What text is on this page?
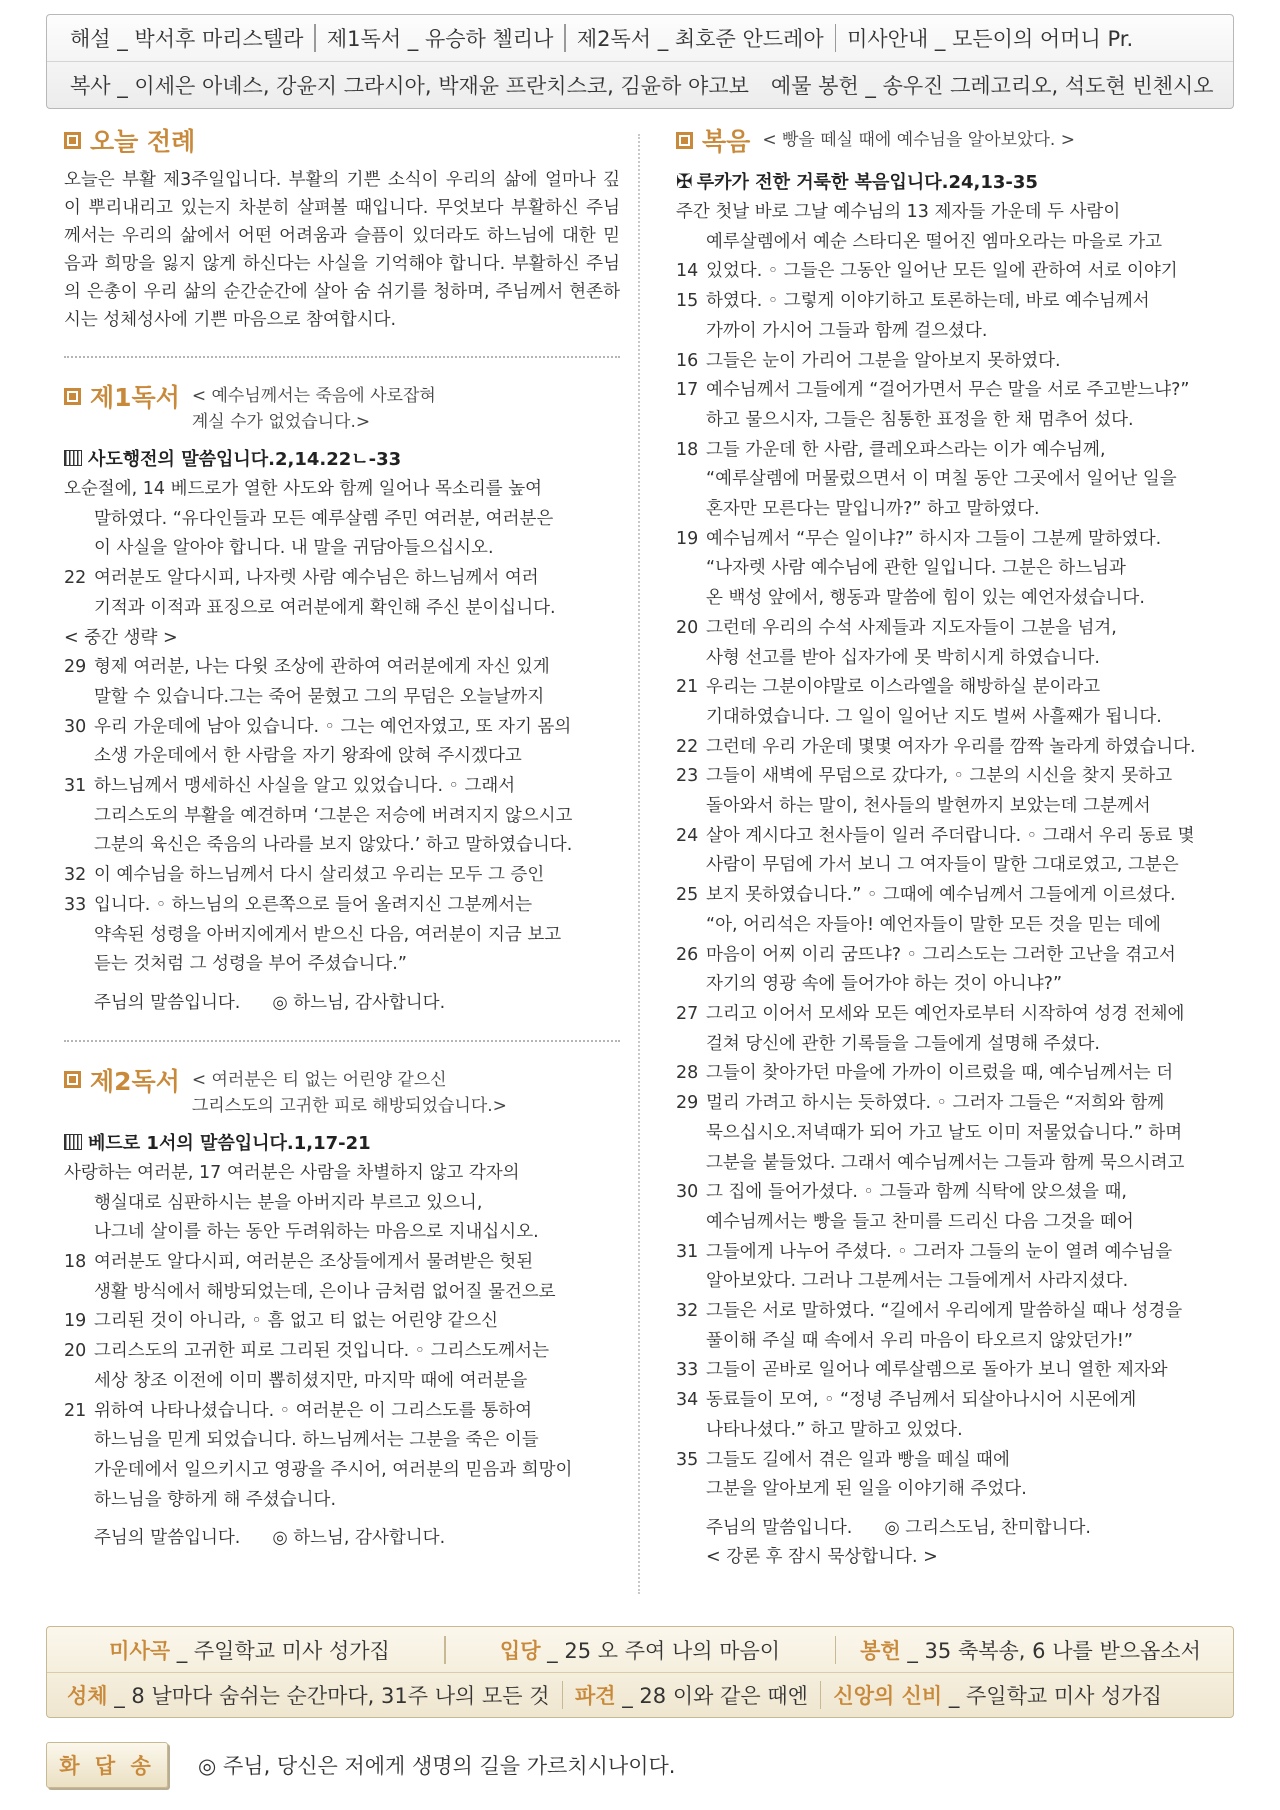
해설 _ 박서후 마리스텔라	제1독서 _ 유승하 첼리나	제2독서 _ 최호준 안드레아	미사안내 _ 모든이의 어머니 Pr.
복사 _ 이세은 아녜스, 강윤지 그라시아, 박재윤 프란치스코, 김윤하 야고보	예물 봉헌 _ 송우진 그레고리오, 석도현 빈첸시오
오늘 전례

오늘은 부활 제3주일입니다. 부활의 기쁜 소식이 우리의 삶에 얼마나 깊이 뿌리내리고 있는지 차분히 살펴볼 때입니다. 무엇보다 부활하신 주님께서는 우리의 삶에서 어떤 어려움과 슬픔이 있더라도 하느님에 대한 믿음과 희망을 잃지 않게 하신다는 사실을 기억해야 합니다. 부활하신 주님의 은총이 우리 삶의 순간순간에 살아 숨 쉬기를 청하며, 주님께서 현존하시는 성체성사에 기쁜 마음으로 참여합시다.

제1독서 < 예수님께서는 죽음에 사로잡혀
계실 수가 없었습니다.>
사도행전의 말씀입니다.2,14.22ㄴ-33
오순절에, 14 베드로가 열한 사도와 함께 일어나 목소리를 높여
말하였다. “유다인들과 모든 예루살렘 주민 여러분, 여러분은
이 사실을 알아야 합니다. 내 말을 귀담아들으십시오.
22 여러분도 알다시피, 나자렛 사람 예수님은 하느님께서 여러
기적과 이적과 표징으로 여러분에게 확인해 주신 분이십니다.
< 중간 생략 >
29 형제 여러분, 나는 다윗 조상에 관하여 여러분에게 자신 있게
말할 수 있습니다.그는 죽어 묻혔고 그의 무덤은 오늘날까지
30 우리 가운데에 남아 있습니다. ◦ 그는 예언자였고, 또 자기 몸의
소생 가운데에서 한 사람을 자기 왕좌에 앉혀 주시겠다고
31 하느님께서 맹세하신 사실을 알고 있었습니다. ◦ 그래서
그리스도의 부활을 예견하며 ‘그분은 저승에 버려지지 않으시고
그분의 육신은 죽음의 나라를 보지 않았다.’ 하고 말하였습니다.
32 이 예수님을 하느님께서 다시 살리셨고 우리는 모두 그 증인
33 입니다. ◦ 하느님의 오른쪽으로 들어 올려지신 그분께서는
약속된 성령을 아버지에게서 받으신 다음, 여러분이 지금 보고
듣는 것처럼 그 성령을 부어 주셨습니다.”
주님의 말씀입니다. ◎ 하느님, 감사합니다.
제2독서 < 여러분은 티 없는 어린양 같으신
그리스도의 고귀한 피로 해방되었습니다.>
베드로 1서의 말씀입니다.1,17-21
사랑하는 여러분, 17 여러분은 사람을 차별하지 않고 각자의
행실대로 심판하시는 분을 아버지라 부르고 있으니,
나그네 살이를 하는 동안 두려워하는 마음으로 지내십시오.
18 여러분도 알다시피, 여러분은 조상들에게서 물려받은 헛된
생활 방식에서 해방되었는데, 은이나 금처럼 없어질 물건으로
19 그리된 것이 아니라, ◦ 흠 없고 티 없는 어린양 같으신
20 그리스도의 고귀한 피로 그리된 것입니다. ◦ 그리스도께서는
세상 창조 이전에 이미 뽑히셨지만, 마지막 때에 여러분을
21 위하여 나타나셨습니다. ◦ 여러분은 이 그리스도를 통하여
하느님을 믿게 되었습니다. 하느님께서는 그분을 죽은 이들
가운데에서 일으키시고 영광을 주시어, 여러분의 믿음과 희망이
하느님을 향하게 해 주셨습니다.
주님의 말씀입니다. ◎ 하느님, 감사합니다.
복음 < 빵을 떼실 때에 예수님을 알아보았다. >
✠ 루카가 전한 거룩한 복음입니다.24,13-35
주간 첫날 바로 그날 예수님의 13 제자들 가운데 두 사람이
예루살렘에서 예순 스타디온 떨어진 엠마오라는 마을로 가고
14 있었다. ◦ 그들은 그동안 일어난 모든 일에 관하여 서로 이야기
15 하였다. ◦ 그렇게 이야기하고 토론하는데, 바로 예수님께서
가까이 가시어 그들과 함께 걸으셨다.
16 그들은 눈이 가리어 그분을 알아보지 못하였다.
17 예수님께서 그들에게 “걸어가면서 무슨 말을 서로 주고받느냐?”
하고 물으시자, 그들은 침통한 표정을 한 채 멈추어 섰다.
18 그들 가운데 한 사람, 클레오파스라는 이가 예수님께,
“예루살렘에 머물렀으면서 이 며칠 동안 그곳에서 일어난 일을
혼자만 모른다는 말입니까?” 하고 말하였다.
19 예수님께서 “무슨 일이냐?” 하시자 그들이 그분께 말하였다.
“나자렛 사람 예수님에 관한 일입니다. 그분은 하느님과
온 백성 앞에서, 행동과 말씀에 힘이 있는 예언자셨습니다.
20 그런데 우리의 수석 사제들과 지도자들이 그분을 넘겨,
사형 선고를 받아 십자가에 못 박히시게 하였습니다.
21 우리는 그분이야말로 이스라엘을 해방하실 분이라고
기대하였습니다. 그 일이 일어난 지도 벌써 사흘째가 됩니다.
22 그런데 우리 가운데 몇몇 여자가 우리를 깜짝 놀라게 하였습니다.
23 그들이 새벽에 무덤으로 갔다가, ◦ 그분의 시신을 찾지 못하고
돌아와서 하는 말이, 천사들의 발현까지 보았는데 그분께서
24 살아 계시다고 천사들이 일러 주더랍니다. ◦ 그래서 우리 동료 몇
사람이 무덤에 가서 보니 그 여자들이 말한 그대로였고, 그분은
25 보지 못하였습니다.” ◦ 그때에 예수님께서 그들에게 이르셨다.
“아, 어리석은 자들아! 예언자들이 말한 모든 것을 믿는 데에
26 마음이 어찌 이리 굼뜨냐? ◦ 그리스도는 그러한 고난을 겪고서
자기의 영광 속에 들어가야 하는 것이 아니냐?”
27 그리고 이어서 모세와 모든 예언자로부터 시작하여 성경 전체에
걸쳐 당신에 관한 기록들을 그들에게 설명해 주셨다.
28 그들이 찾아가던 마을에 가까이 이르렀을 때, 예수님께서는 더
29 멀리 가려고 하시는 듯하였다. ◦ 그러자 그들은 “저희와 함께
묵으십시오.저녁때가 되어 가고 날도 이미 저물었습니다.” 하며
그분을 붙들었다. 그래서 예수님께서는 그들과 함께 묵으시려고
30 그 집에 들어가셨다. ◦ 그들과 함께 식탁에 앉으셨을 때,
예수님께서는 빵을 들고 찬미를 드리신 다음 그것을 떼어
31 그들에게 나누어 주셨다. ◦ 그러자 그들의 눈이 열려 예수님을
알아보았다. 그러나 그분께서는 그들에게서 사라지셨다.
32 그들은 서로 말하였다. “길에서 우리에게 말씀하실 때나 성경을
풀이해 주실 때 속에서 우리 마음이 타오르지 않았던가!”
33 그들이 곧바로 일어나 예루살렘으로 돌아가 보니 열한 제자와
34 동료들이 모여, ◦ “정녕 주님께서 되살아나시어 시몬에게
나타나셨다.” 하고 말하고 있었다.
35 그들도 길에서 겪은 일과 빵을 떼실 때에
그분을 알아보게 된 일을 이야기해 주었다.
주님의 말씀입니다. ◎ 그리스도님, 찬미합니다.
< 강론 후 잠시 묵상합니다. >
미사곡 _ 주일학교 미사 성가집	입당 _ 25 오 주여 나의 마음이	봉헌 _ 35 축복송, 6 나를 받으옵소서
성체 _ 8 날마다 숨쉬는 순간마다, 31주 나의 모든 것	파견 _ 28 이와 같은 때엔	신앙의 신비 _ 주일학교 미사 성가집
화 답 송	◎ 주님, 당신은 저에게 생명의 길을 가르치시나이다.
